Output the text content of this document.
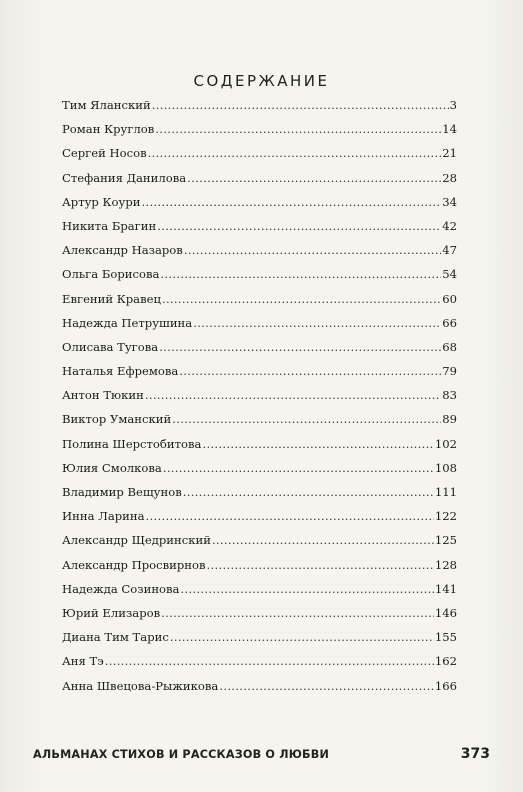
СОДЕРЖАНИЕ
Тим Яланский .....	3
Роман Круглов .....	14
Сергей Носов .....	21
Стефания Данилова .....	28
Артур Коури .....	34
Никита Брагин .....	42
Александр Назаров .....	47
Ольга Борисова .....	54
Евгений Кравец .....	60
Надежда Петрушина .....	66
Олисава Тугова .....	68
Наталья Ефремова .....	79
Антон Тюкин .....	83
Виктор Уманский .....	89
Полина Шерстобитова .....	102
Юлия Смолкова .....	108
Владимир Вещунов .....	111
Инна Ларина .....	122
Александр Щедринский .....	125
Александр Просвирнов .....	128
Надежда Созинова .....	141
Юрий Елизаров .....	146
Диана Тим Тарис .....	155
Аня Тэ .....	162
Анна Швецова-Рыжикова .....	166
АЛЬМАНАХ СТИХОВ И РАССКАЗОВ О ЛЮБВИ	373
